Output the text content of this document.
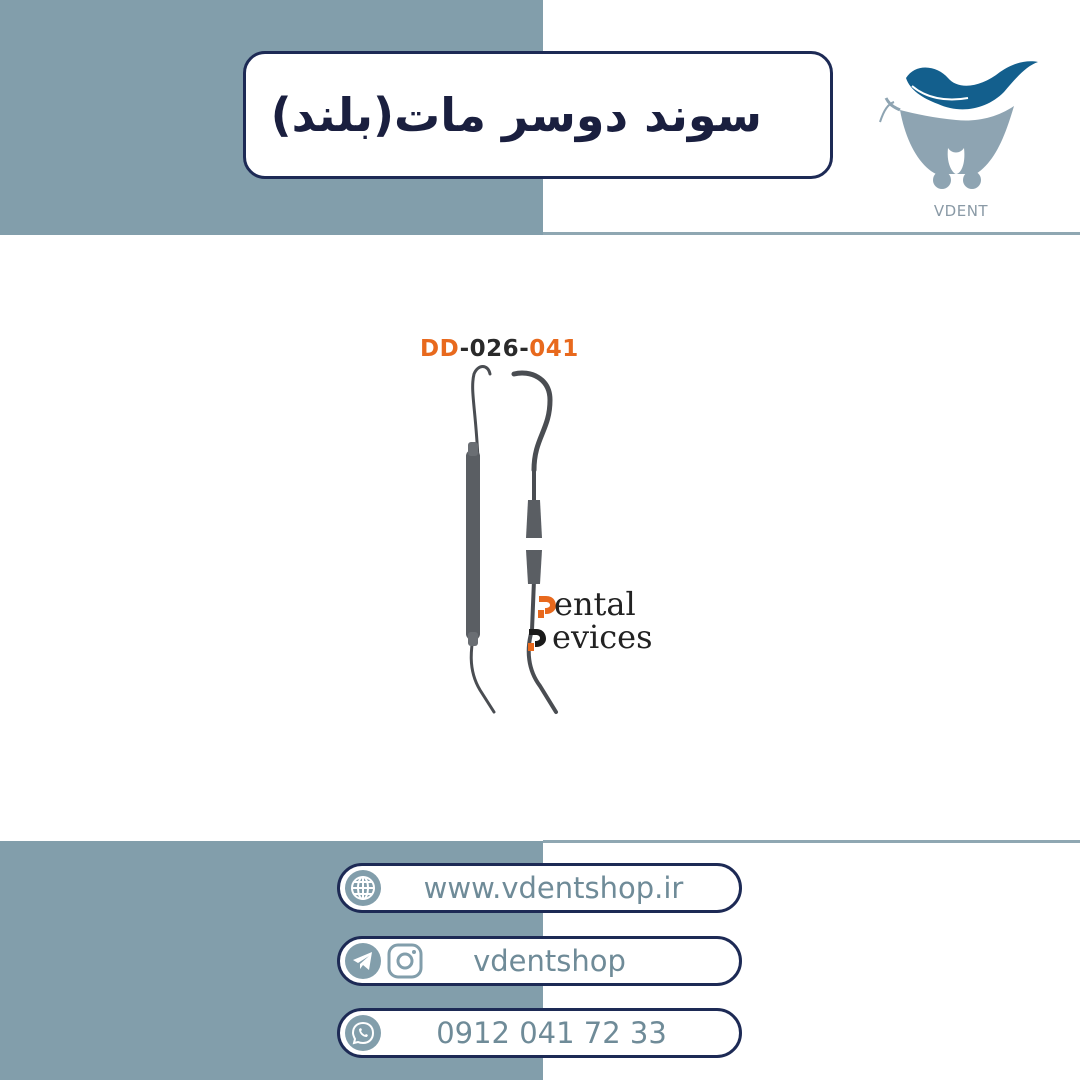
سوند دوسر مات(بلند)
VDENT
DD-026-041
ental
evices
www.vdentshop.ir
vdentshop
0912 041 72 33
